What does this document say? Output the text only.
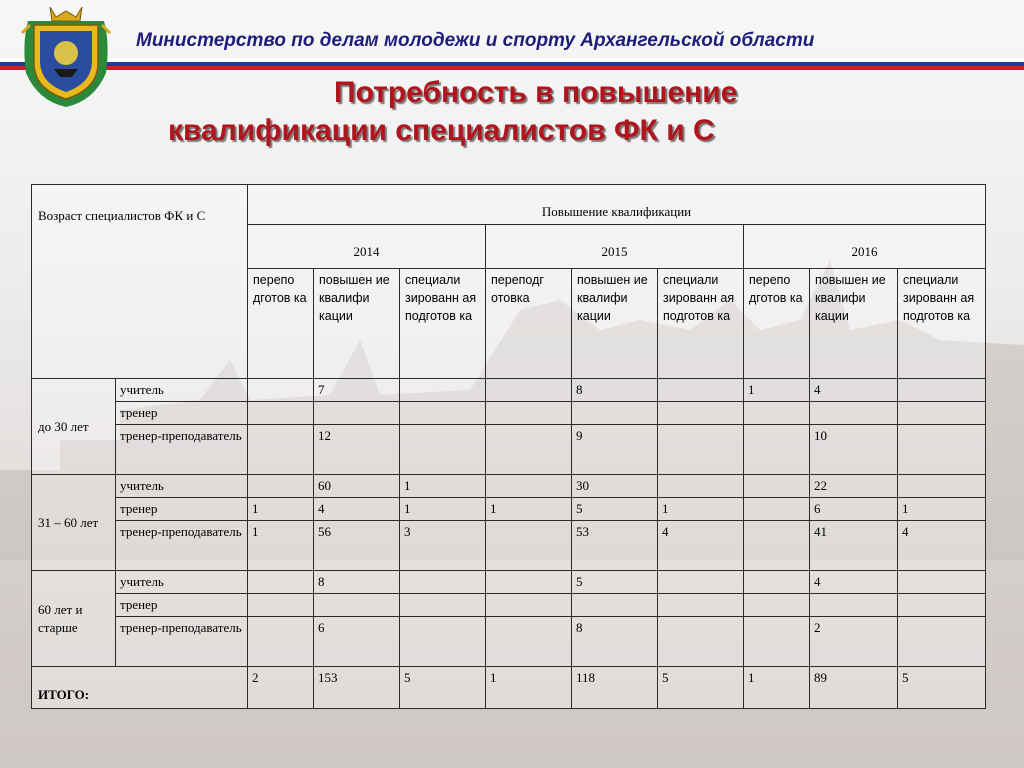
Министерство по делам молодежи и спорту Архангельской области
Потребность в повышение
квалификации специалистов ФК и С
Возраст специалистов ФК и С		Повышение квалификации								
		2014			2015			2016		
		перепо дготов ка	повышен ие квалифи кации	специали зированн ая подготов ка	переподг отовка	повышен ие квалифи кации	специали зированн ая подготов ка	перепо дготов ка	повышен ие квалифи кации	специали зированн ая подготов ка
до 30 лет	учитель		7			8		1	4	
	тренер									
	тренер-преподаватель		12			9			10	
31 – 60 лет	учитель		60	1		30			22	
	тренер	1	4	1	1	5	1		6	1
	тренер-преподаватель	1	56	3		53	4		41	4
60 лет и старше	учитель		8			5			4	
	тренер									
	тренер-преподаватель		6			8			2	
ИТОГО:		2	153	5	1	118	5	1	89	5
